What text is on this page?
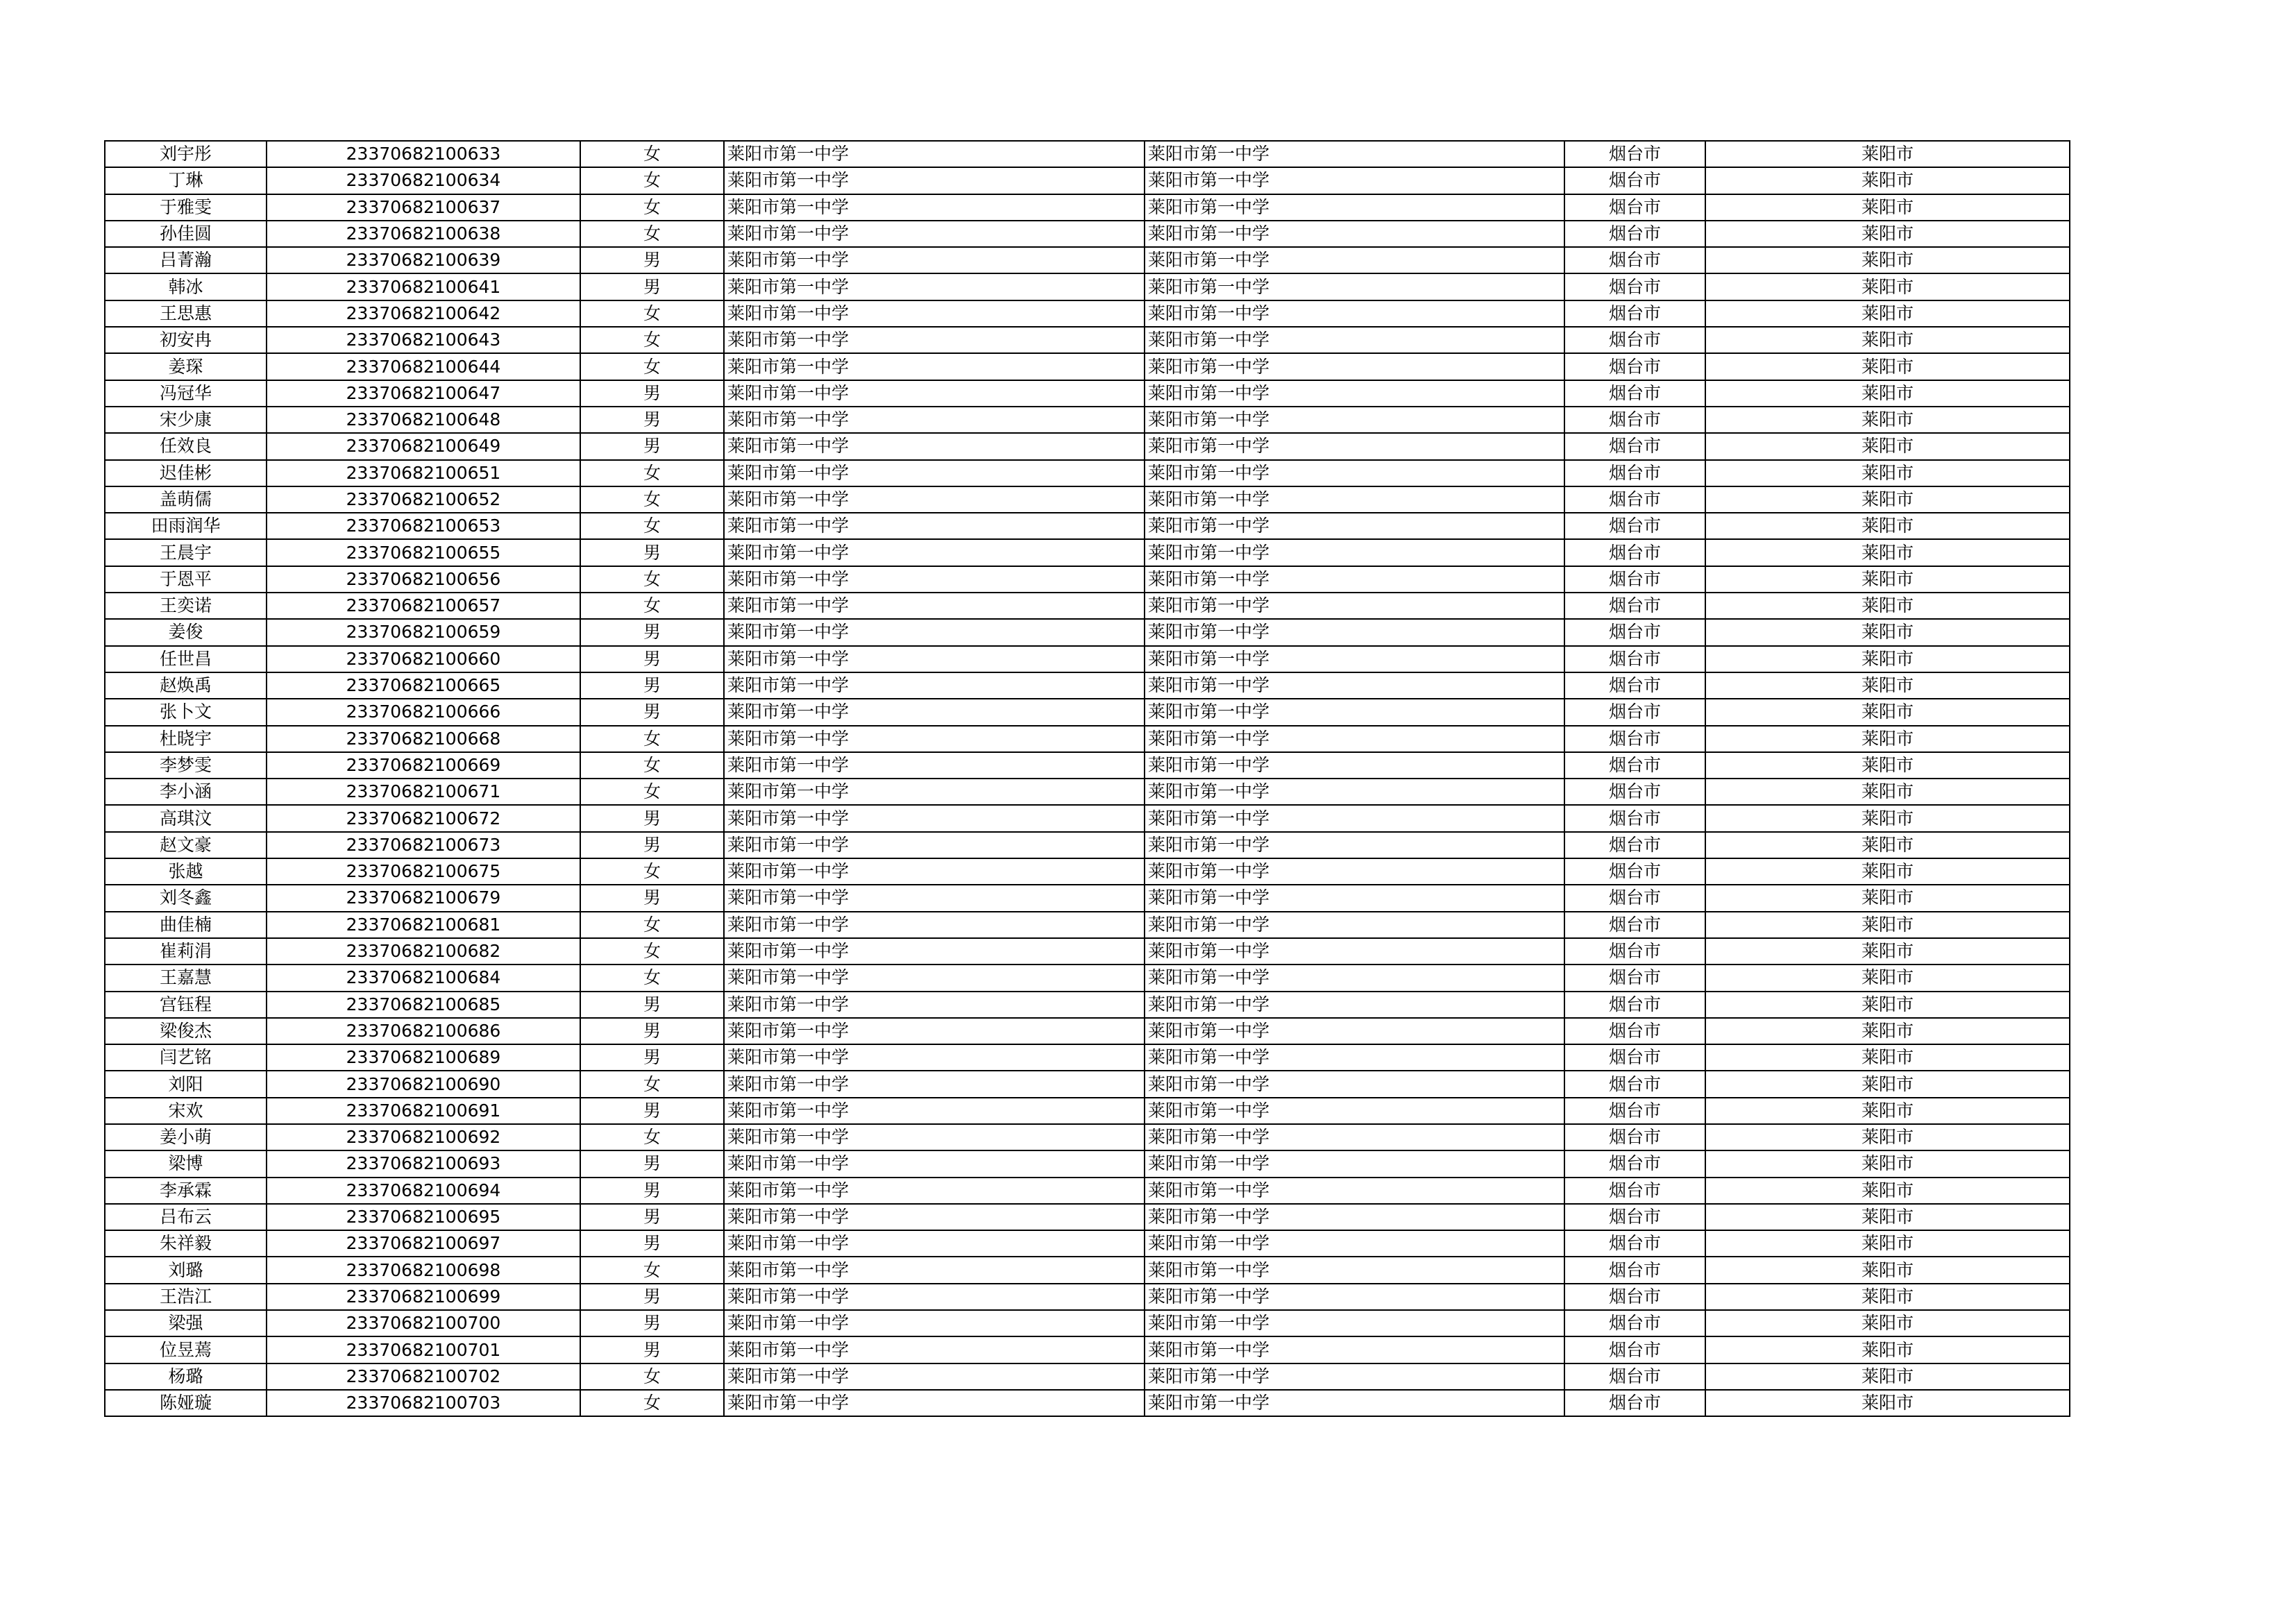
刘宇彤	23370682100633	女	莱阳市第一中学	莱阳市第一中学	烟台市	莱阳市
丁琳	23370682100634	女	莱阳市第一中学	莱阳市第一中学	烟台市	莱阳市
于雅雯	23370682100637	女	莱阳市第一中学	莱阳市第一中学	烟台市	莱阳市
孙佳圆	23370682100638	女	莱阳市第一中学	莱阳市第一中学	烟台市	莱阳市
吕菁瀚	23370682100639	男	莱阳市第一中学	莱阳市第一中学	烟台市	莱阳市
韩冰	23370682100641	男	莱阳市第一中学	莱阳市第一中学	烟台市	莱阳市
王思惠	23370682100642	女	莱阳市第一中学	莱阳市第一中学	烟台市	莱阳市
初安冉	23370682100643	女	莱阳市第一中学	莱阳市第一中学	烟台市	莱阳市
姜琛	23370682100644	女	莱阳市第一中学	莱阳市第一中学	烟台市	莱阳市
冯冠华	23370682100647	男	莱阳市第一中学	莱阳市第一中学	烟台市	莱阳市
宋少康	23370682100648	男	莱阳市第一中学	莱阳市第一中学	烟台市	莱阳市
任效良	23370682100649	男	莱阳市第一中学	莱阳市第一中学	烟台市	莱阳市
迟佳彬	23370682100651	女	莱阳市第一中学	莱阳市第一中学	烟台市	莱阳市
盖萌儒	23370682100652	女	莱阳市第一中学	莱阳市第一中学	烟台市	莱阳市
田雨润华	23370682100653	女	莱阳市第一中学	莱阳市第一中学	烟台市	莱阳市
王晨宇	23370682100655	男	莱阳市第一中学	莱阳市第一中学	烟台市	莱阳市
于恩平	23370682100656	女	莱阳市第一中学	莱阳市第一中学	烟台市	莱阳市
王奕诺	23370682100657	女	莱阳市第一中学	莱阳市第一中学	烟台市	莱阳市
姜俊	23370682100659	男	莱阳市第一中学	莱阳市第一中学	烟台市	莱阳市
任世昌	23370682100660	男	莱阳市第一中学	莱阳市第一中学	烟台市	莱阳市
赵焕禹	23370682100665	男	莱阳市第一中学	莱阳市第一中学	烟台市	莱阳市
张卜文	23370682100666	男	莱阳市第一中学	莱阳市第一中学	烟台市	莱阳市
杜晓宇	23370682100668	女	莱阳市第一中学	莱阳市第一中学	烟台市	莱阳市
李梦雯	23370682100669	女	莱阳市第一中学	莱阳市第一中学	烟台市	莱阳市
李小涵	23370682100671	女	莱阳市第一中学	莱阳市第一中学	烟台市	莱阳市
高琪汶	23370682100672	男	莱阳市第一中学	莱阳市第一中学	烟台市	莱阳市
赵文豪	23370682100673	男	莱阳市第一中学	莱阳市第一中学	烟台市	莱阳市
张越	23370682100675	女	莱阳市第一中学	莱阳市第一中学	烟台市	莱阳市
刘冬鑫	23370682100679	男	莱阳市第一中学	莱阳市第一中学	烟台市	莱阳市
曲佳楠	23370682100681	女	莱阳市第一中学	莱阳市第一中学	烟台市	莱阳市
崔莉涓	23370682100682	女	莱阳市第一中学	莱阳市第一中学	烟台市	莱阳市
王嘉慧	23370682100684	女	莱阳市第一中学	莱阳市第一中学	烟台市	莱阳市
宫钰程	23370682100685	男	莱阳市第一中学	莱阳市第一中学	烟台市	莱阳市
梁俊杰	23370682100686	男	莱阳市第一中学	莱阳市第一中学	烟台市	莱阳市
闫艺铭	23370682100689	男	莱阳市第一中学	莱阳市第一中学	烟台市	莱阳市
刘阳	23370682100690	女	莱阳市第一中学	莱阳市第一中学	烟台市	莱阳市
宋欢	23370682100691	男	莱阳市第一中学	莱阳市第一中学	烟台市	莱阳市
姜小萌	23370682100692	女	莱阳市第一中学	莱阳市第一中学	烟台市	莱阳市
梁博	23370682100693	男	莱阳市第一中学	莱阳市第一中学	烟台市	莱阳市
李承霖	23370682100694	男	莱阳市第一中学	莱阳市第一中学	烟台市	莱阳市
吕布云	23370682100695	男	莱阳市第一中学	莱阳市第一中学	烟台市	莱阳市
朱祥毅	23370682100697	男	莱阳市第一中学	莱阳市第一中学	烟台市	莱阳市
刘璐	23370682100698	女	莱阳市第一中学	莱阳市第一中学	烟台市	莱阳市
王浩江	23370682100699	男	莱阳市第一中学	莱阳市第一中学	烟台市	莱阳市
梁强	23370682100700	男	莱阳市第一中学	莱阳市第一中学	烟台市	莱阳市
位昱蔫	23370682100701	男	莱阳市第一中学	莱阳市第一中学	烟台市	莱阳市
杨璐	23370682100702	女	莱阳市第一中学	莱阳市第一中学	烟台市	莱阳市
陈娅璇	23370682100703	女	莱阳市第一中学	莱阳市第一中学	烟台市	莱阳市
